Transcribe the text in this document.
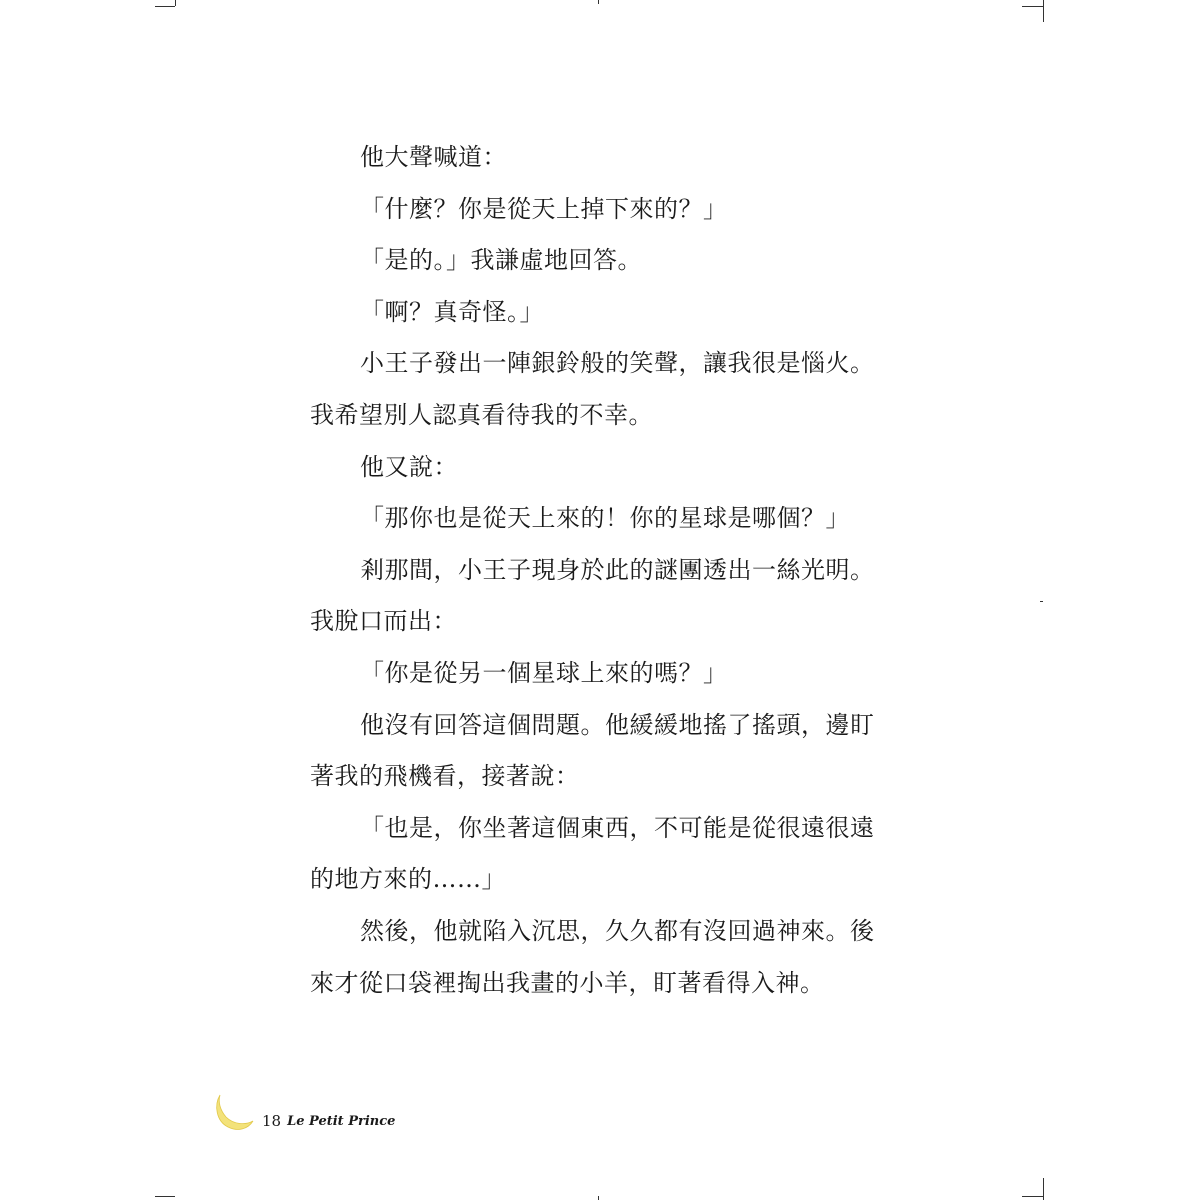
他大聲喊道：
「什麼？你是從天上掉下來的？」
「是的。」我謙虛地回答。
「啊？真奇怪。」
小王子發出一陣銀鈴般的笑聲，讓我很是惱火。
我希望別人認真看待我的不幸。
他又說：
「那你也是從天上來的！你的星球是哪個？」
剎那間，小王子現身於此的謎團透出一絲光明。
我脫口而出：
「你是從另一個星球上來的嗎？」
他沒有回答這個問題。他緩緩地搖了搖頭，邊盯
著我的飛機看，接著說：
「也是，你坐著這個東西，不可能是從很遠很遠
的地方來的……」
然後，他就陷入沉思，久久都有沒回過神來。後
來才從口袋裡掏出我畫的小羊，盯著看得入神。
18 Le Petit Prince
